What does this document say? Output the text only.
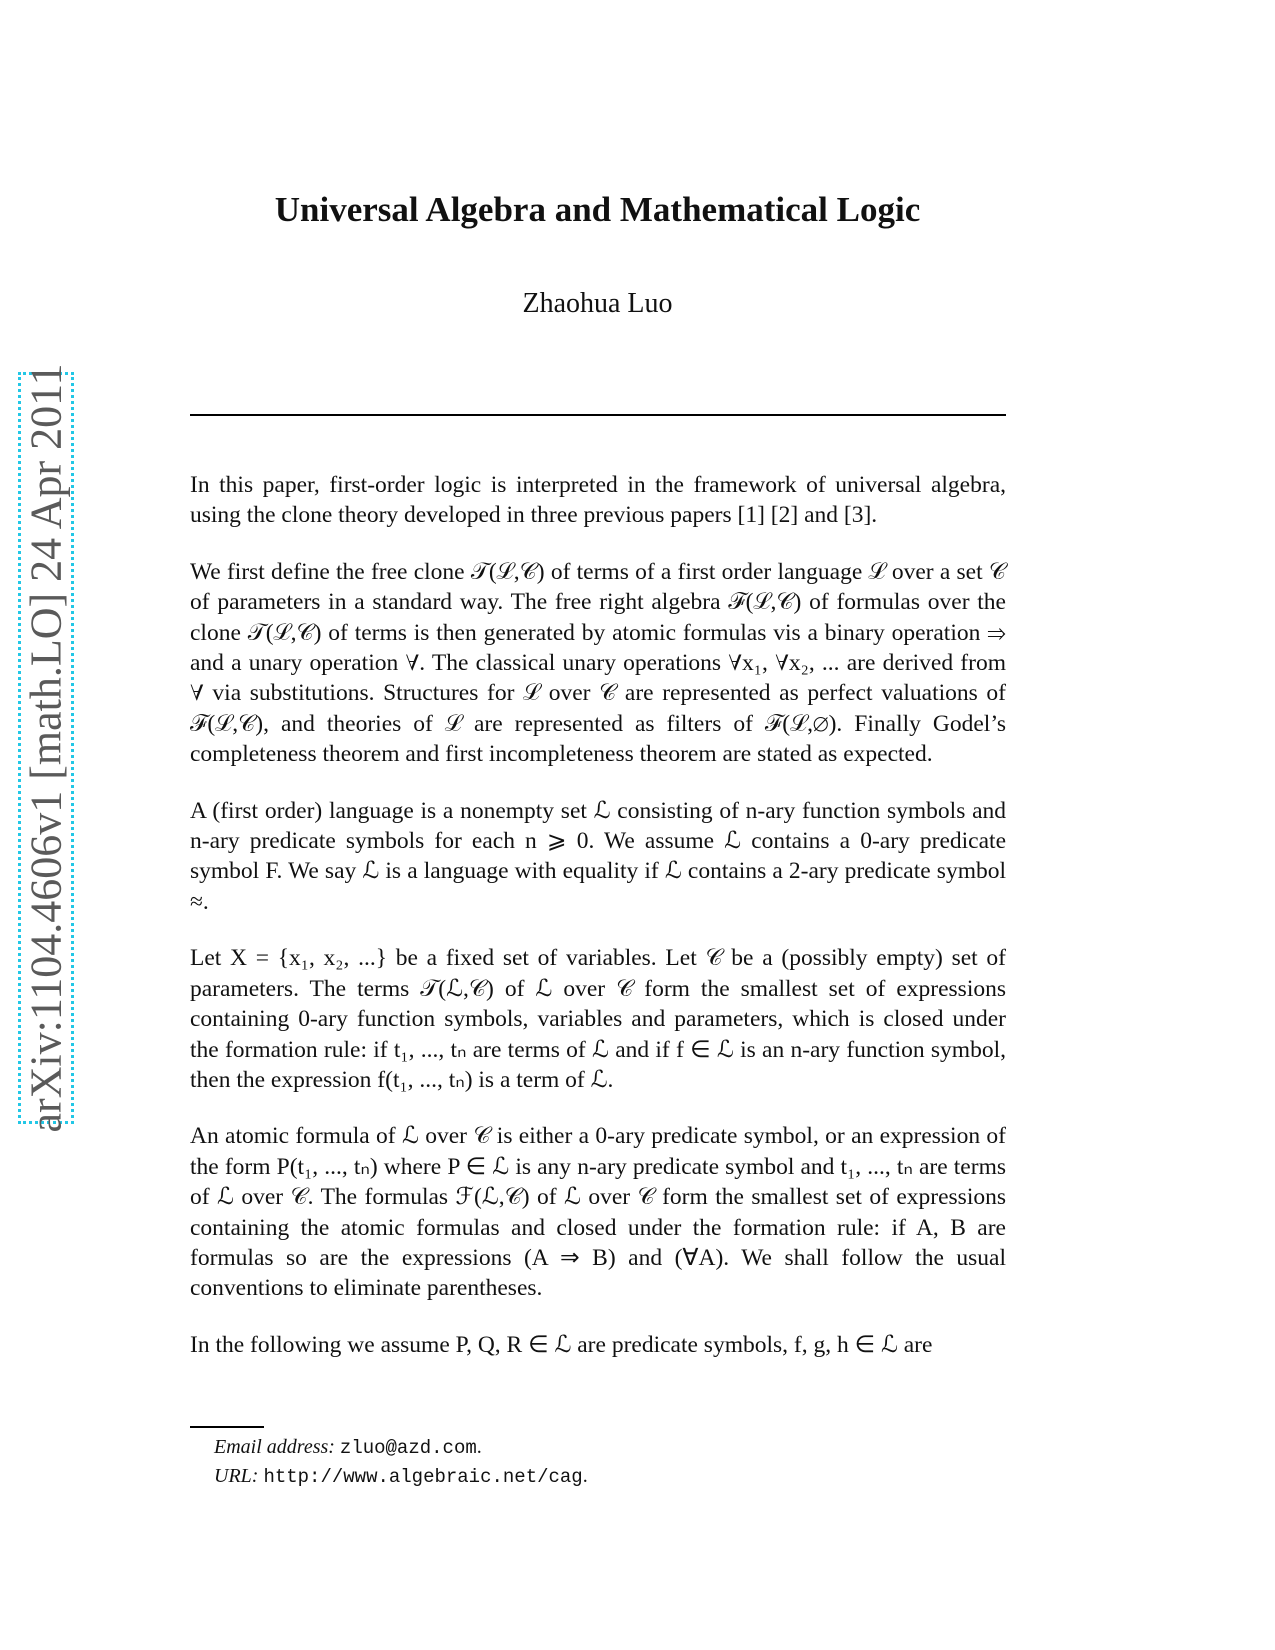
arXiv:1104.4606v1 [math.LO] 24 Apr 2011
Universal Algebra and Mathematical Logic
Zhaohua Luo

In this paper, first-order logic is interpreted in the framework of universal algebra, using the clone theory developed in three previous papers [1] [2] and [3].

We first define the free clone 𝒯(ℒ,𝒞) of terms of a first order language ℒ over a set 𝒞 of parameters in a standard way. The free right algebra ℱ(ℒ,𝒞) of formulas over the clone 𝒯(ℒ,𝒞) of terms is then generated by atomic formulas vis a binary operation ⇒ and a unary operation ∀. The classical unary operations ∀x₁, ∀x₂, ... are derived from ∀ via substitutions. Structures for ℒ over 𝒞 are represented as perfect valuations of ℱ(ℒ,𝒞), and theories of ℒ are represented as filters of ℱ(ℒ,∅). Finally Godel’s completeness theorem and first incompleteness theorem are stated as expected.

A (first order) language is a nonempty set ℒ consisting of n-ary function symbols and n-ary predicate symbols for each n ⩾ 0. We assume ℒ contains a 0-ary predicate symbol F. We say ℒ is a language with equality if ℒ contains a 2-ary predicate symbol ≈.

Let X = {x₁, x₂, ...} be a fixed set of variables. Let 𝒞 be a (possibly empty) set of parameters. The terms 𝒯(ℒ,𝒞) of ℒ over 𝒞 form the smallest set of expressions containing 0-ary function symbols, variables and parameters, which is closed under the formation rule: if t₁, ..., tₙ are terms of ℒ and if f ∈ ℒ is an n-ary function symbol, then the expression f(t₁, ..., tₙ) is a term of ℒ.

An atomic formula of ℒ over 𝒞 is either a 0-ary predicate symbol, or an expression of the form P(t₁, ..., tₙ) where P ∈ ℒ is any n-ary predicate symbol and t₁, ..., tₙ are terms of ℒ over 𝒞. The formulas ℱ(ℒ,𝒞) of ℒ over 𝒞 form the smallest set of expressions containing the atomic formulas and closed under the formation rule: if A, B are formulas so are the expressions (A ⇒ B) and (∀A). We shall follow the usual conventions to eliminate parentheses.

In the following we assume P, Q, R ∈ ℒ are predicate symbols, f, g, h ∈ ℒ are

Email address: zluo@azd.com.
URL: http://www.algebraic.net/cag.
